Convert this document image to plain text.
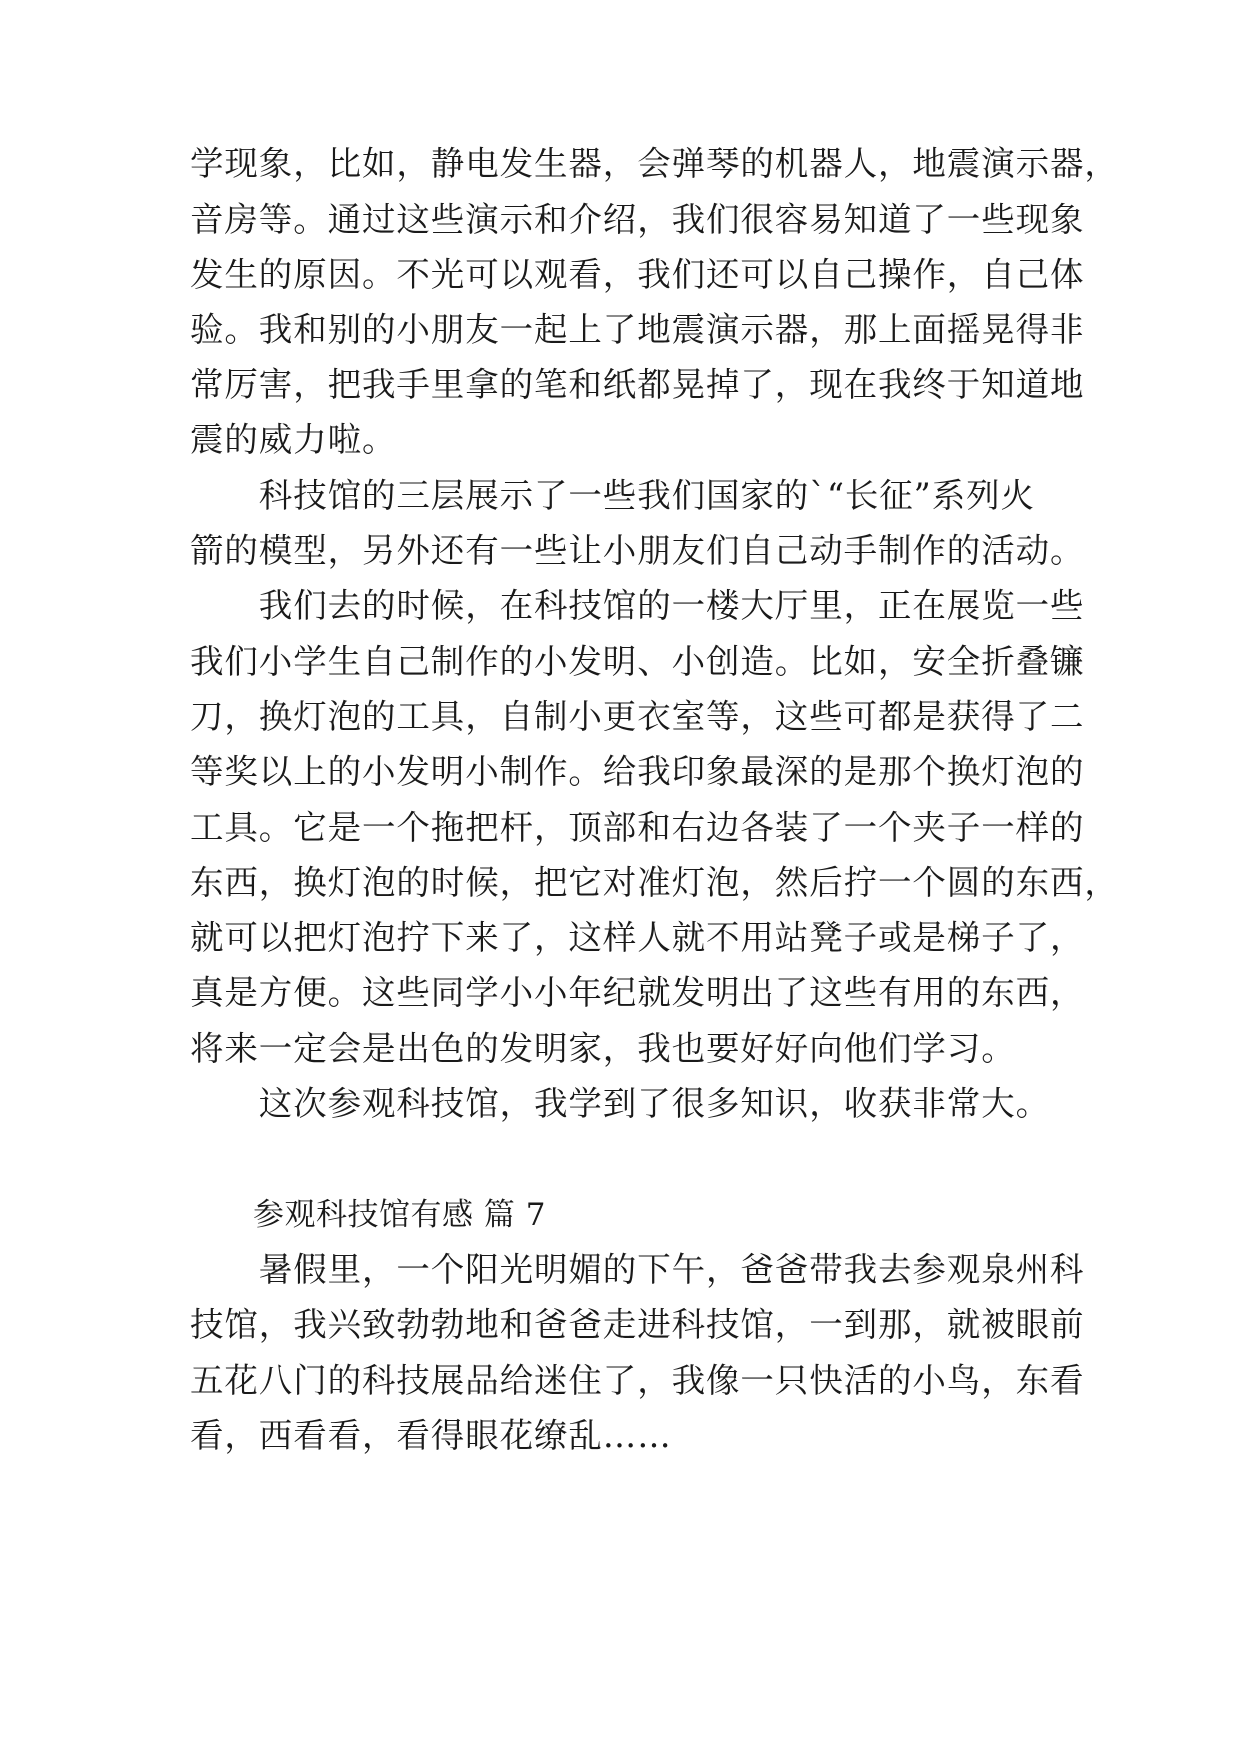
学现象，比如，静电发生器，会弹琴的机器人，地震演示器，
音房等。通过这些演示和介绍，我们很容易知道了一些现象
发生的原因。不光可以观看，我们还可以自己操作，自己体
验。我和别的小朋友一起上了地震演示器，那上面摇晃得非
常厉害，把我手里拿的笔和纸都晃掉了，现在我终于知道地
震的威力啦。
　　科技馆的三层展示了一些我们国家的`“长征”系列火
箭的模型，另外还有一些让小朋友们自己动手制作的活动。
　　我们去的时候，在科技馆的一楼大厅里，正在展览一些
我们小学生自己制作的小发明、小创造。比如，安全折叠镰
刀，换灯泡的工具，自制小更衣室等，这些可都是获得了二
等奖以上的小发明小制作。给我印象最深的是那个换灯泡的
工具。它是一个拖把杆，顶部和右边各装了一个夹子一样的
东西，换灯泡的时候，把它对准灯泡，然后拧一个圆的东西，
就可以把灯泡拧下来了，这样人就不用站凳子或是梯子了，
真是方便。这些同学小小年纪就发明出了这些有用的东西，
将来一定会是出色的发明家，我也要好好向他们学习。
　　这次参观科技馆，我学到了很多知识，收获非常大。
参观科技馆有感 篇 7
　　暑假里，一个阳光明媚的下午，爸爸带我去参观泉州科
技馆，我兴致勃勃地和爸爸走进科技馆，一到那，就被眼前
五花八门的科技展品给迷住了，我像一只快活的小鸟，东看
看，西看看，看得眼花缭乱……
